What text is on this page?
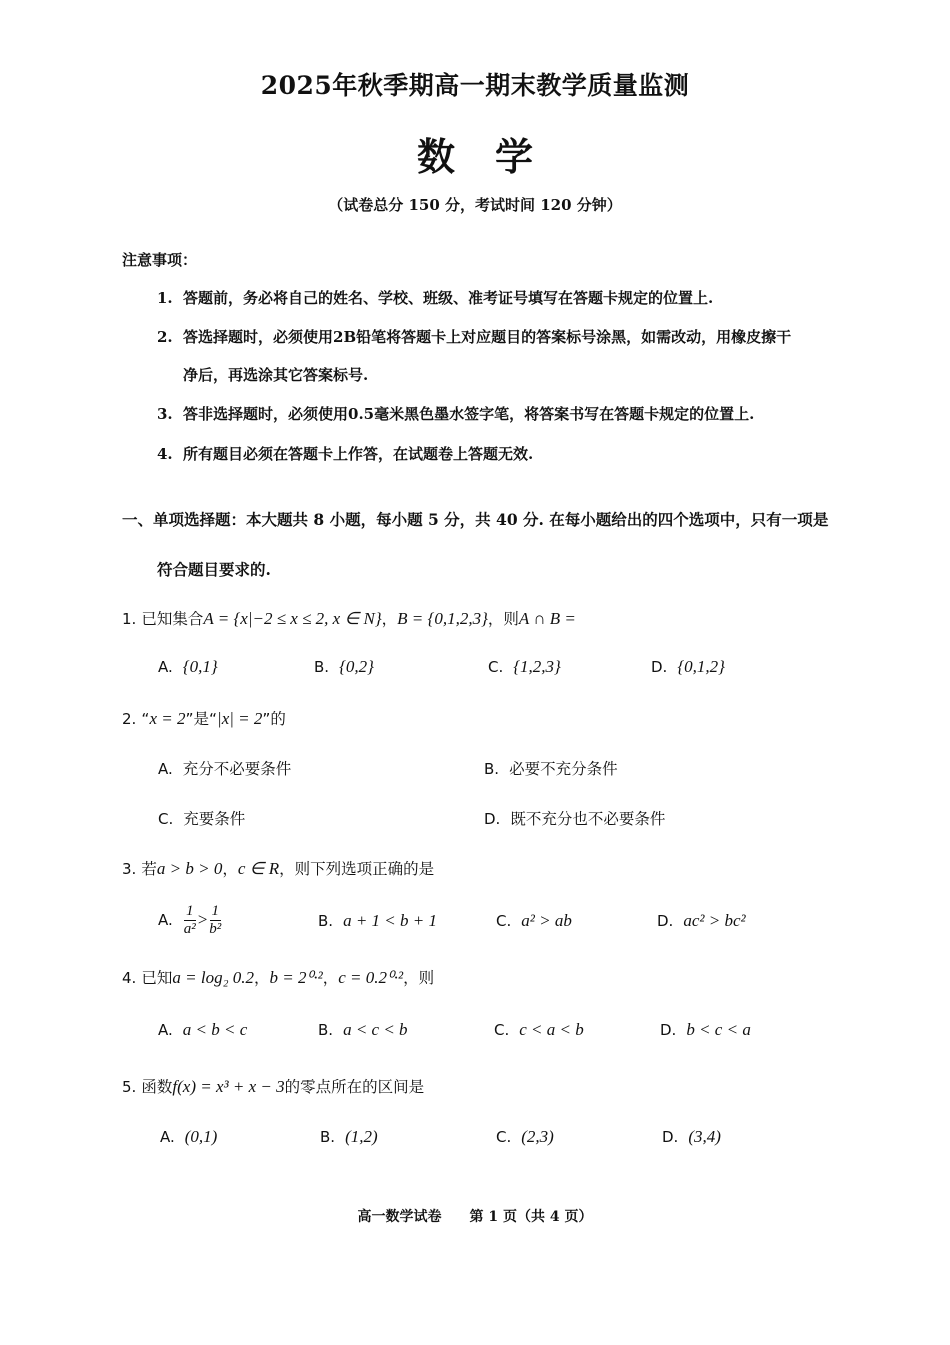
2025年秋季期高一期末教学质量监测
数 学
（试卷总分 150 分，考试时间 120 分钟）
注意事项：
1. 答题前，务必将自己的姓名、学校、班级、准考证号填写在答题卡规定的位置上.
2. 答选择题时，必须使用2B铅笔将答题卡上对应题目的答案标号涂黑，如需改动，用橡皮擦干
净后，再选涂其它答案标号.
3. 答非选择题时，必须使用0.5毫米黑色墨水签字笔，将答案书写在答题卡规定的位置上.
4. 所有题目必须在答题卡上作答，在试题卷上答题无效.
一、单项选择题：本大题共 8 小题，每小题 5 分，共 40 分. 在每小题给出的四个选项中，只有一项是
符合题目要求的.
1. 已知集合A = {x|−2 ≤ x ≤ 2, x ∈ N}，B = {0,1,2,3}，则A ∩ B =
A. {0,1}	B. {0,2}	C. {1,2,3}	D. {0,1,2}
2. “x = 2”是“|x| = 2”的
A. 充分不必要条件	B. 必要不充分条件
C. 充要条件	D. 既不充分也不必要条件
3. 若a > b > 0，c ∈ R，则下列选项正确的是
A. $\frac{1}{\text{a²}} > \frac{1}{\text{b²}}$	B. a + 1 < b + 1	C. a² > ab	D. ac² > bc²
4. 已知a = log₂ 0.2，b = 2⁰·²，c = 0.2⁰·²，则
A. a < b < c	B. a < c < b	C. c < a < b	D. b < c < a
5. 函数f(x) = x³ + x − 3的零点所在的区间是
A. (0,1)	B. (1,2)	C. (2,3)	D. (3,4)
高一数学试卷 第 1 页（共 4 页）
